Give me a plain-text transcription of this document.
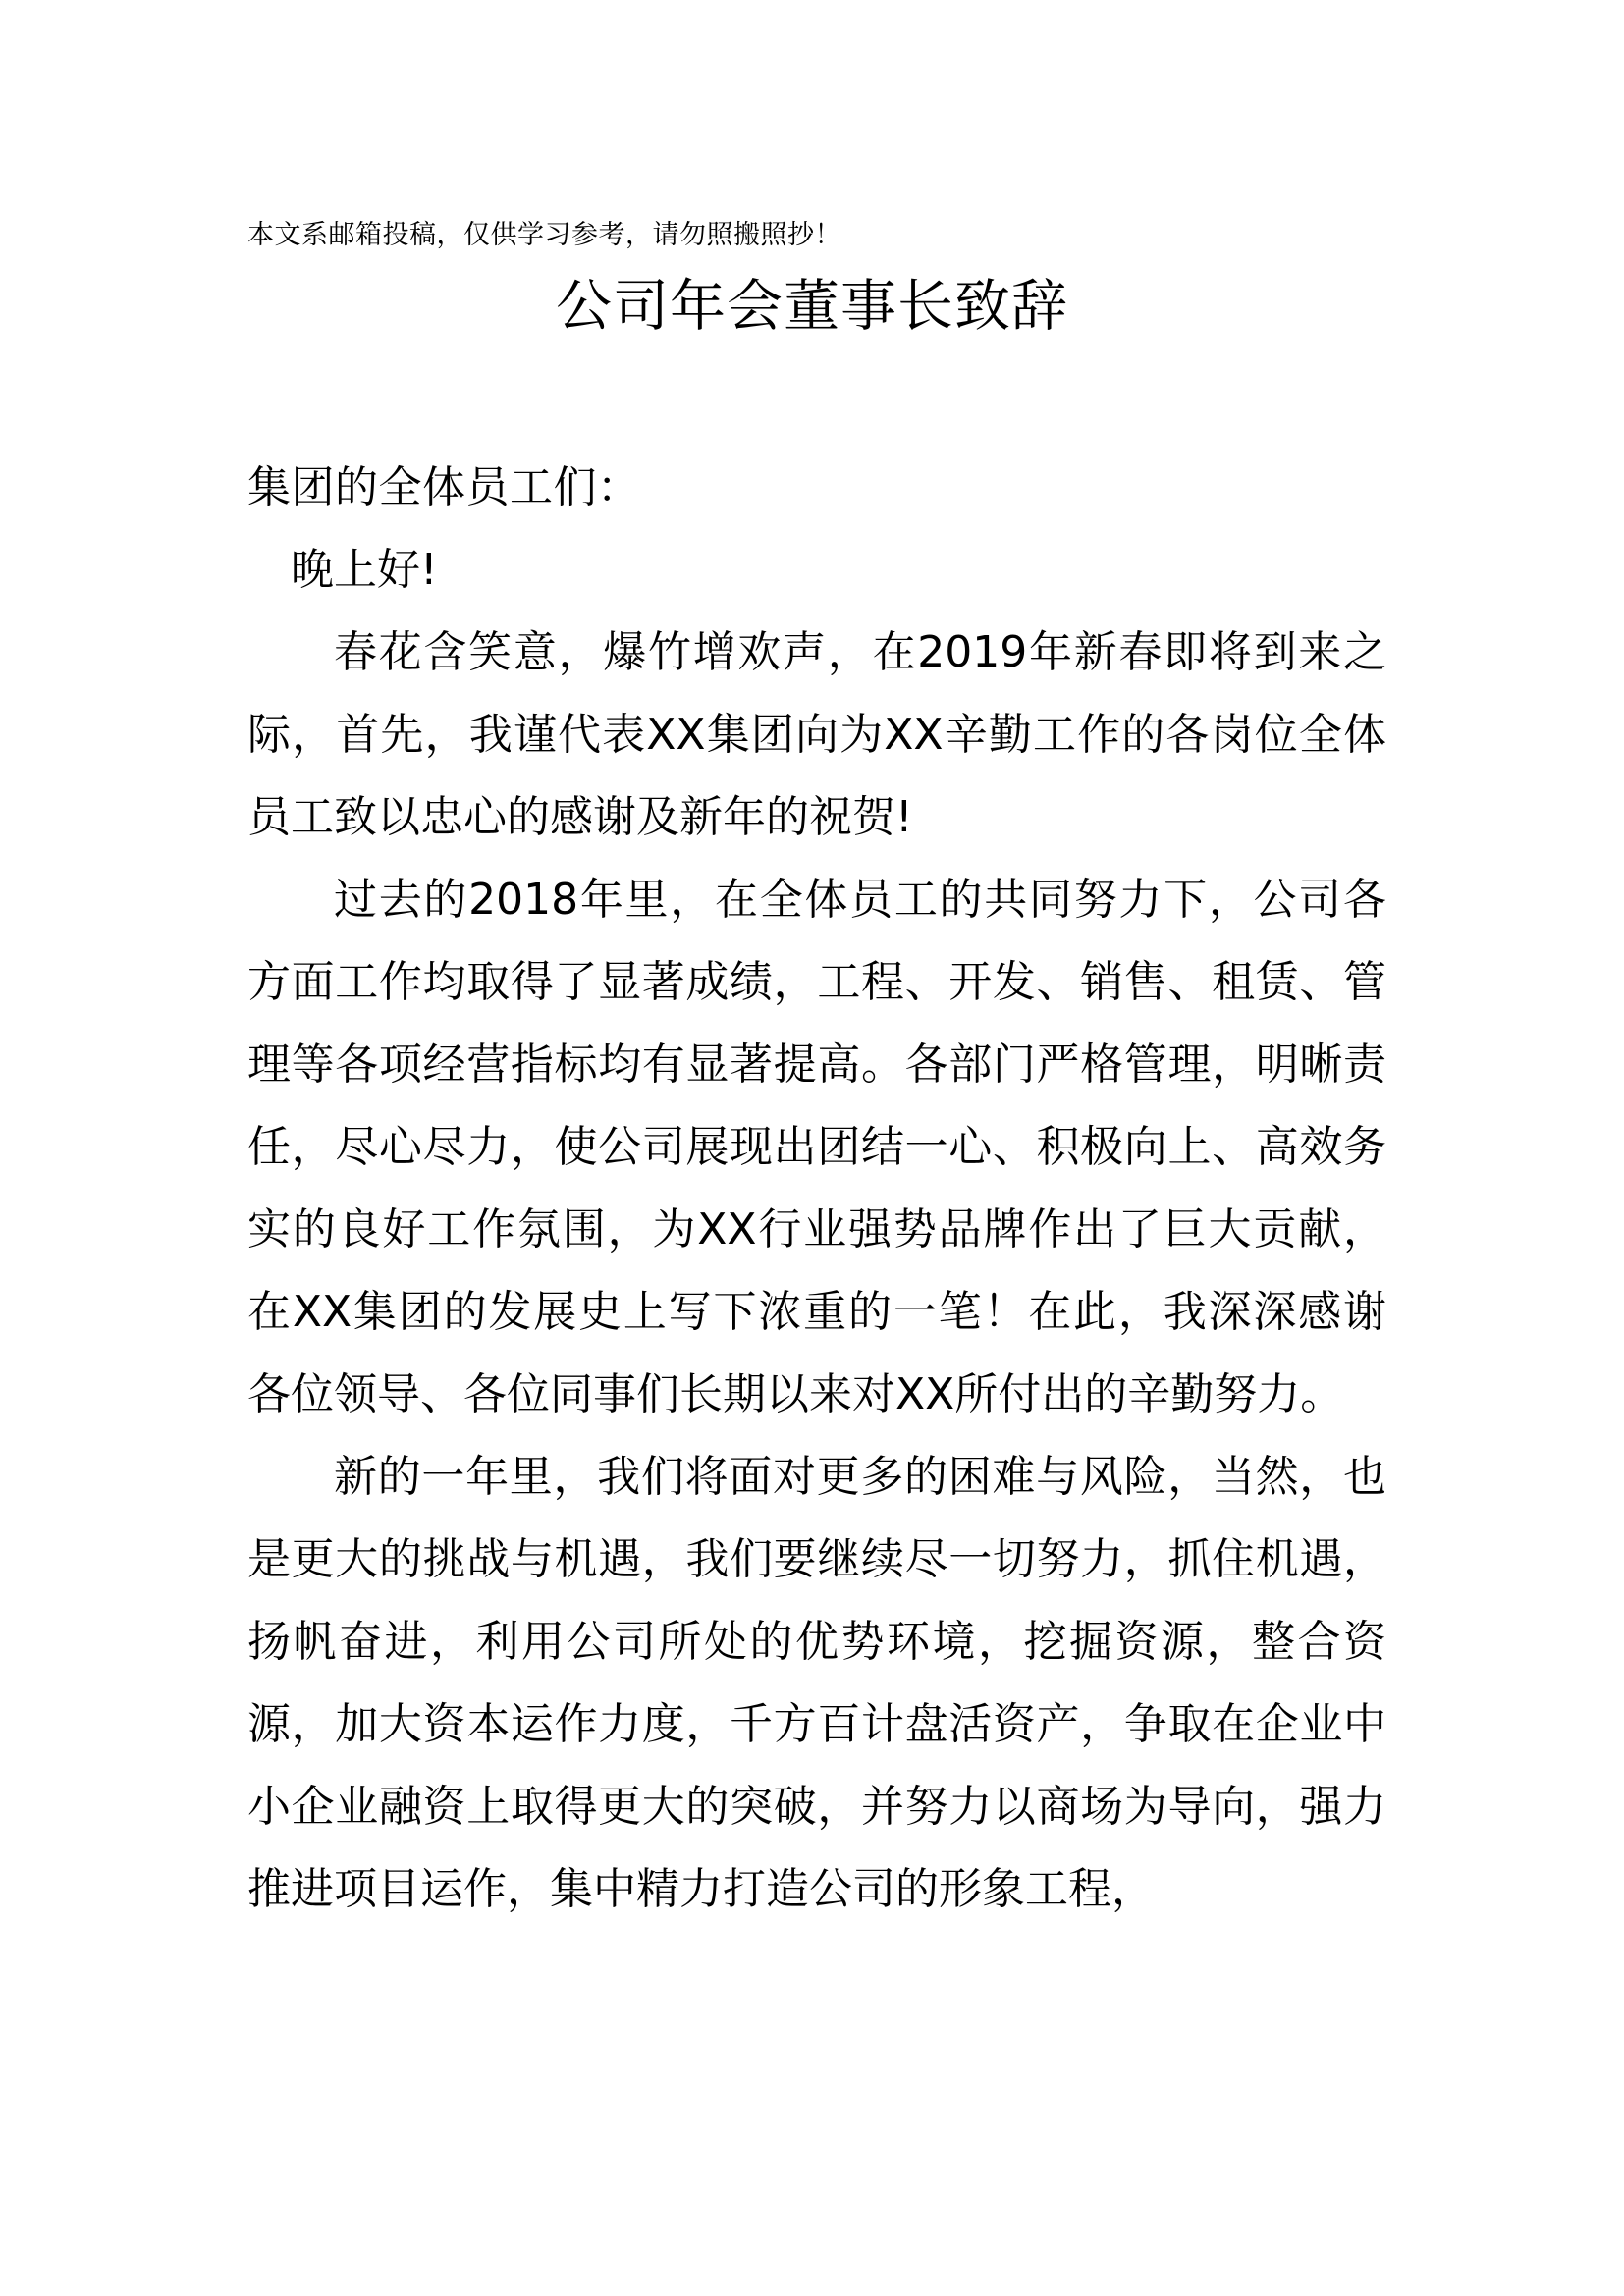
本文系邮箱投稿，仅供学习参考，请勿照搬照抄！
公司年会董事长致辞

集团的全体员工们：

晚上好!

春花含笑意，爆竹增欢声，在2019年新春即将到来之际，首先，我谨代表XX集团向为XX辛勤工作的各岗位全体员工致以忠心的感谢及新年的祝贺!

过去的2018年里，在全体员工的共同努力下，公司各方面工作均取得了显著成绩，工程、开发、销售、租赁、管理等各项经营指标均有显著提高。各部门严格管理，明晰责任，尽心尽力，使公司展现出团结一心、积极向上、高效务实的良好工作氛围，为XX行业强势品牌作出了巨大贡献，在XX集团的发展史上写下浓重的一笔！在此，我深深感谢各位领导、各位同事们长期以来对XX所付出的辛勤努力。

新的一年里，我们将面对更多的困难与风险，当然，也是更大的挑战与机遇，我们要继续尽一切努力，抓住机遇，扬帆奋进，利用公司所处的优势环境，挖掘资源，整合资源，加大资本运作力度，千方百计盘活资产，争取在企业中小企业融资上取得更大的突破，并努力以商场为导向，强力推进项目运作，集中精力打造公司的形象工程，
